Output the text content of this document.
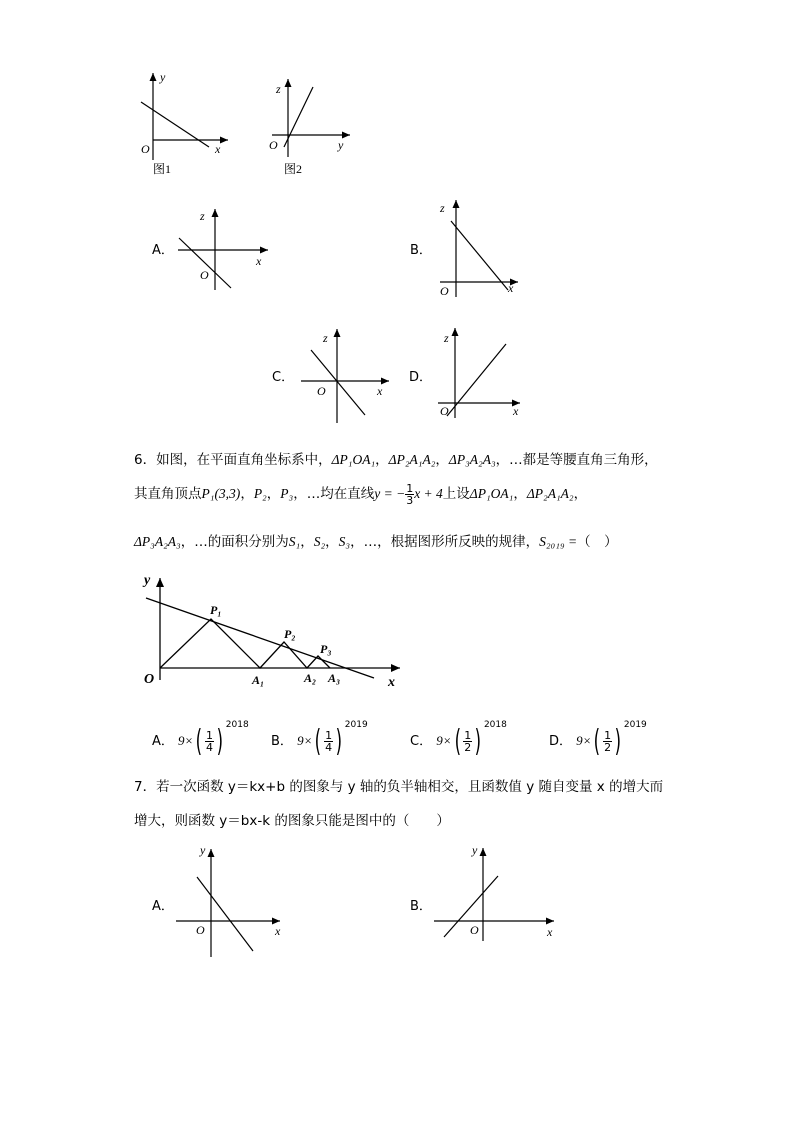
y
x
O
图1
z
y
O
图2
A．
z
x
O
B．
z
x
O
C．
z
x
O
D．
z
x
O
6．如图，在平面直角坐标系中，ΔP₁OA₁，ΔP₂A₁A₂，ΔP₃A₂A₃，…都是等腰直角三角形，
其直角顶点P₁(3,3)，P₂，P₃，…均在直线y = − $\frac{1}{3}$ x + 4上设ΔP₁OA₁，ΔP₂A₁A₂，
ΔP₃A₂A₃，…的面积分别为S₁，S₂，S₃，…，根据图形所反映的规律，S₂₀₁₉ =（　）
y
x
O
P₁
P₂
P₃
A₁	A₂ A₃
A． $9\times( \frac{1}{4}$ ) $^{2018}$
B． $9\times( \frac{1}{4}$ ) $^{2019}$
C． $9\times( \frac{1}{2}$ ) $^{2018}$
D． $9\times( \frac{1}{2}$ ) $^{2019}$
7．若一次函数 y＝kx+b 的图象与 y 轴的负半轴相交，且函数值 y 随自变量 x 的增大而
增大，则函数 y＝bx-k 的图象只能是图中的（　　）
A．
y
x
O
B．
y
x
O
